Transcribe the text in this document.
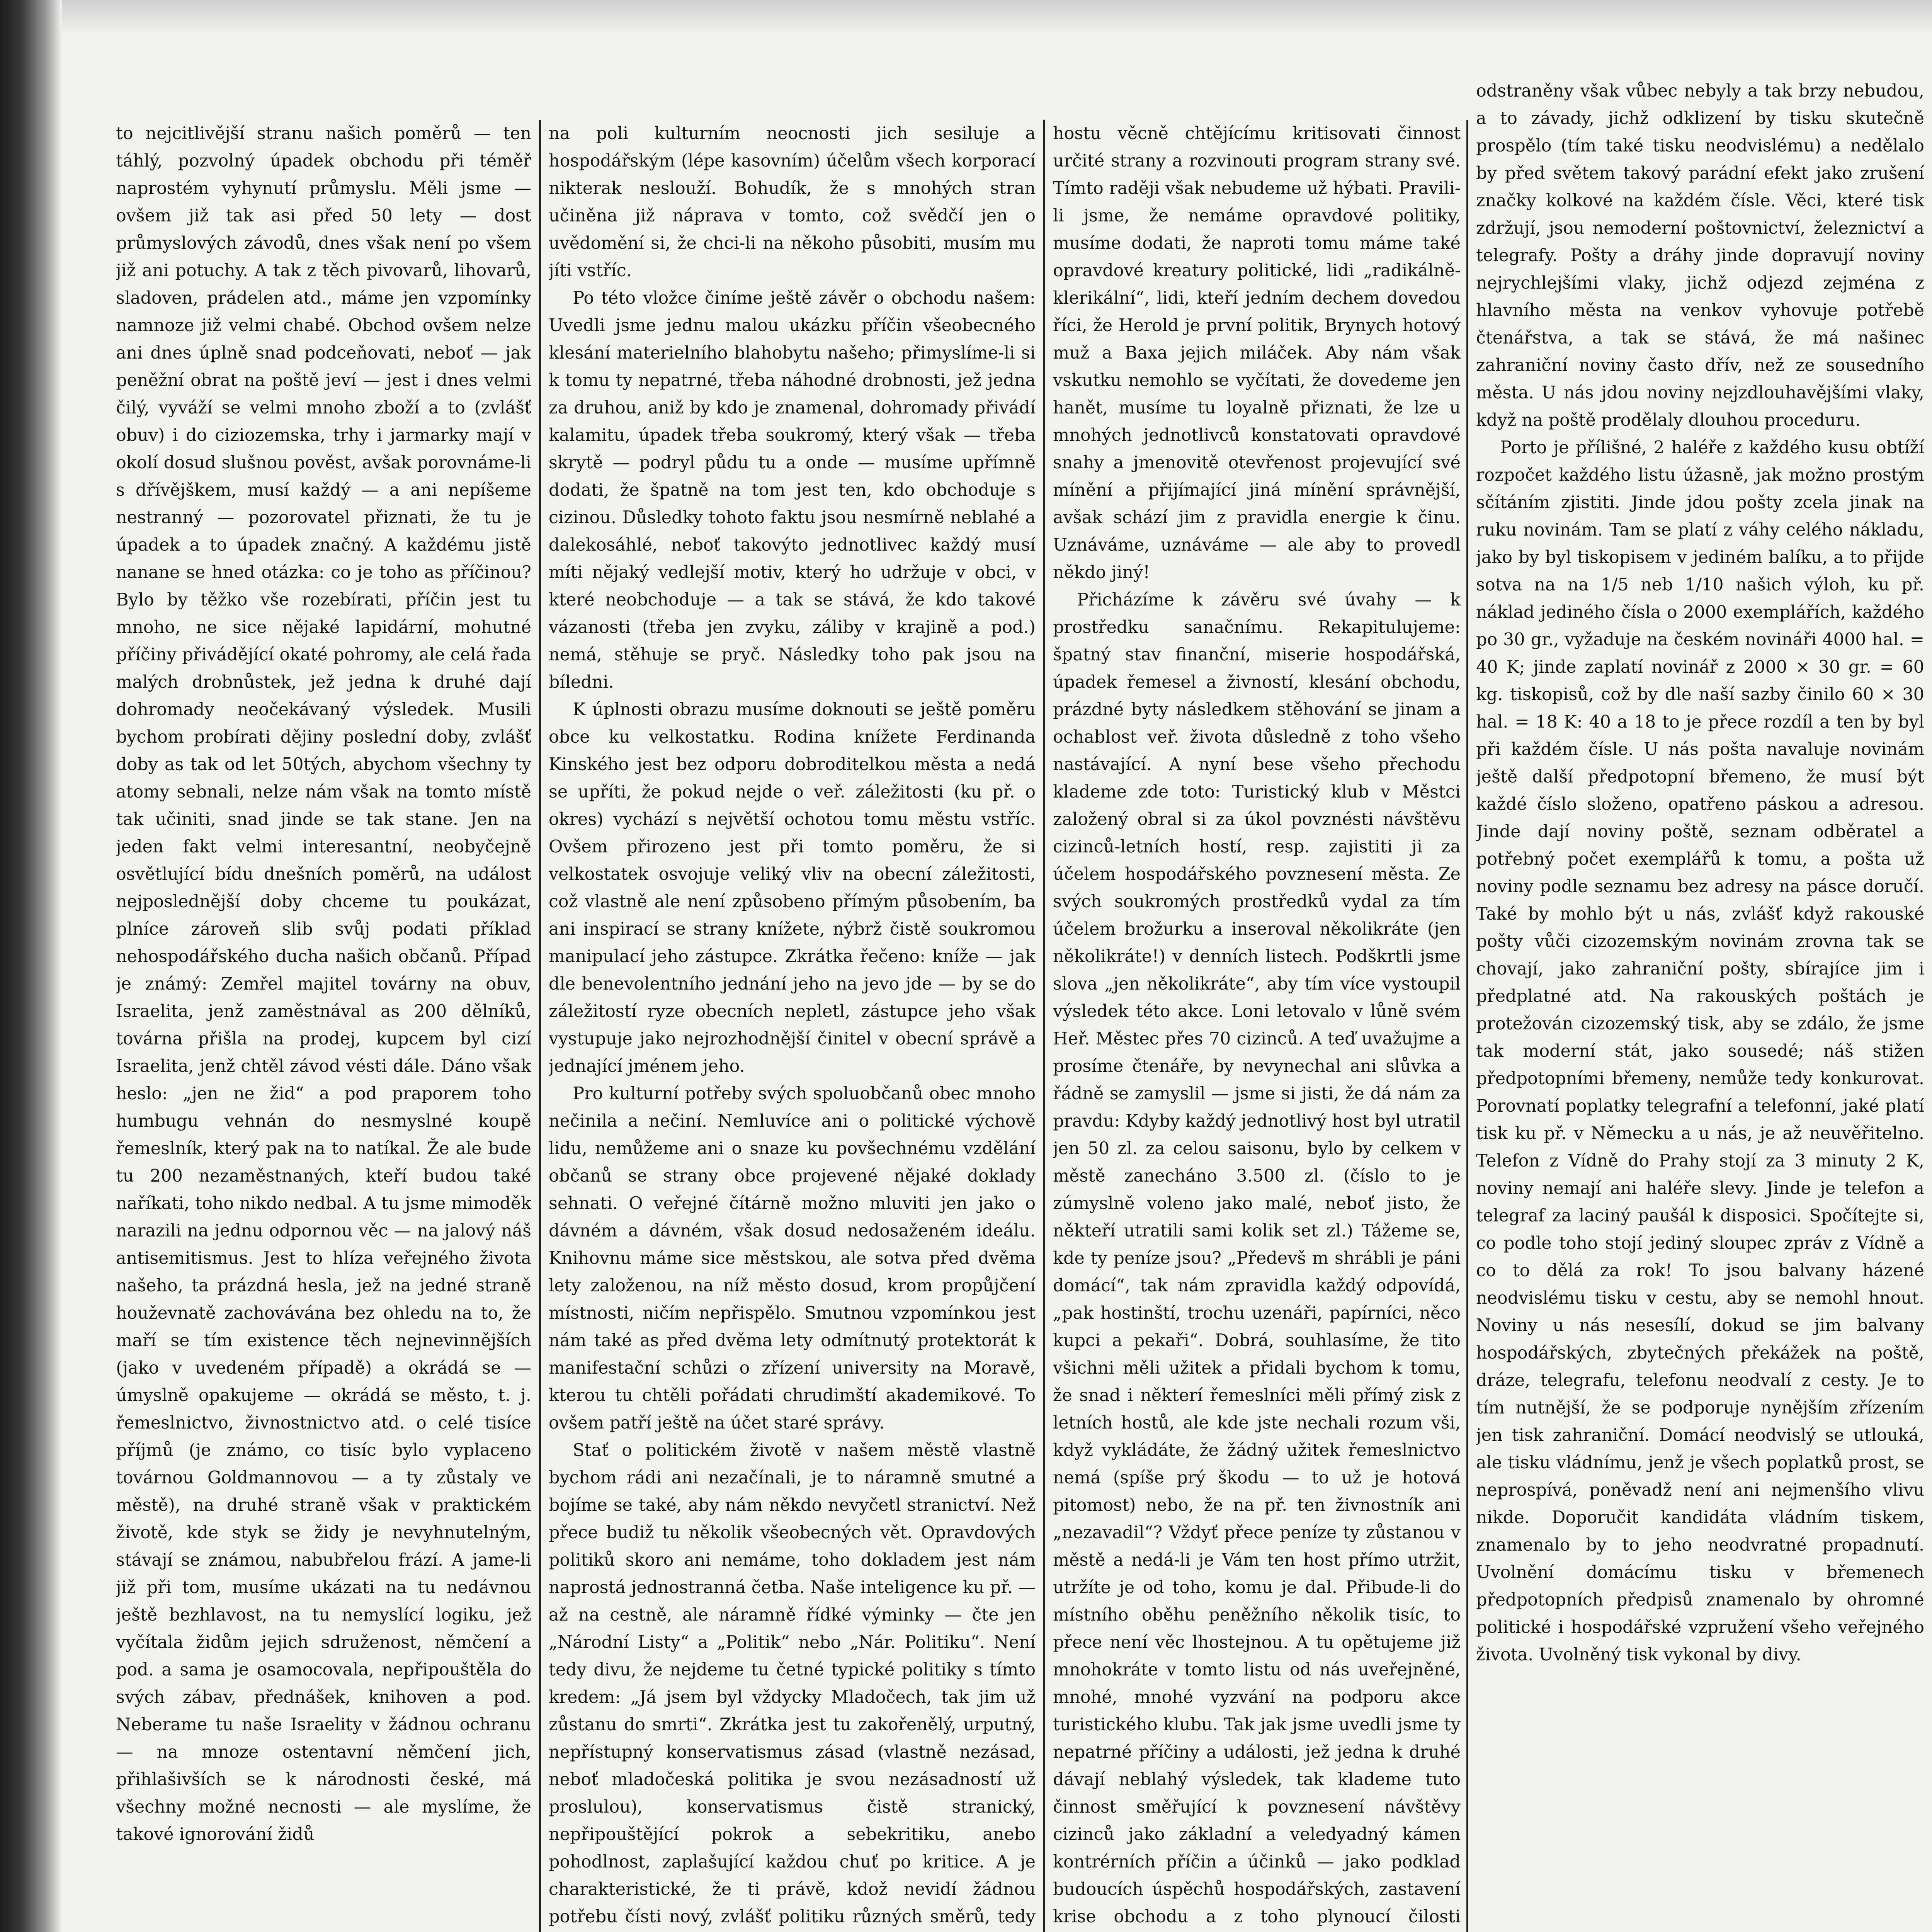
to nejcitlivější stranu našich poměrů — ten táhlý, pozvolný úpadek obchodu při téměř naprostém vyhynutí průmyslu. Měli jsme — ovšem již tak asi před 50 lety — dost průmyslových závodů, dnes však není po všem již ani potuchy. A tak z těch pivovarů, lihovarů, sladoven, prádelen atd., máme jen vzpomínky namnoze již velmi chabé. Obchod ovšem nelze ani dnes úplně snad podceňovati, neboť — jak peněžní obrat na poště jeví — jest i dnes velmi čilý, vyváží se velmi mnoho zboží a to (zvlášť obuv) i do ciziozemska, trhy i jarmarky mají v okolí dosud slušnou pověst, avšak porovnáme-li s dřívějškem, musí každý — a ani nepíšeme nestranný — pozorovatel přiznati, že tu je úpadek a to úpadek značný. A každému jistě nanane se hned otázka: co je toho as příčinou? Bylo by těžko vše rozebírati, příčin jest tu mnoho, ne sice nějaké lapidární, mohutné příčiny přivádějící okaté pohromy, ale celá řada malých drobnůstek, jež jedna k druhé dají dohromady neočekávaný výsledek. Musili bychom probírati dějiny poslední doby, zvlášť doby as tak od let 50tých, abychom všechny ty atomy sebnali, nelze nám však na tomto místě tak učiniti, snad jinde se tak stane. Jen na jeden fakt velmi interesantní, neobyčejně osvětlující bídu dnešních poměrů, na událost nejposlednější doby chceme tu poukázat, plníce zároveň slib svůj podati příklad nehospodářského ducha našich občanů. Případ je známý: Zemřel majitel továrny na obuv, Israelita, jenž zaměstnával as 200 dělníků, továrna přišla na prodej, kupcem byl cizí Israelita, jenž chtěl závod vésti dále. Dáno však heslo: „jen ne žid“ a pod praporem toho humbugu vehnán do nesmyslné koupě řemeslník, který pak na to natíkal. Že ale bude tu 200 nezaměstnaných, kteří budou také naříkati, toho nikdo nedbal. A tu jsme mimoděk narazili na jednu odpornou věc — na jalový náš antisemitismus. Jest to hlíza veřejného života našeho, ta prázdná hesla, jež na jedné straně houževnatě zachovávána bez ohledu na to, že maří se tím existence těch nejnevinnějších (jako v uvedeném případě) a okrádá se — úmyslně opakujeme — okrádá se město, t. j. řemeslnictvo, živnostnictvo atd. o celé tisíce příjmů (je známo, co tisíc bylo vyplaceno továrnou Goldmannovou — a ty zůstaly ve městě), na druhé straně však v praktickém životě, kde styk se židy je nevyhnutelným, stávají se známou, nabubřelou frází. A jame-li již při tom, musíme ukázati na tu nedávnou ještě bezhlavost, na tu nemyslící logiku, jež vyčítala židům jejich sdruženost, němčení a pod. a sama je osamocovala, nepřipouštěla do svých zábav, přednášek, knihoven a pod. Neberame tu naše Israelity v žádnou ochranu — na mnoze ostentavní němčení jich, přihlašivších se k národnosti české, má všechny možné necnosti — ale myslíme, že takové ignorování židů

na poli kulturním neocnosti jich sesiluje a hospodářským (lépe kasovním) účelům všech korporací nikterak neslouží. Bohudík, že s mnohých stran učiněna již náprava v tomto, což svědčí jen o uvědomění si, že chci-li na někoho působiti, musím mu jíti vstříc.

Po této vložce činíme ještě závěr o obchodu našem: Uvedli jsme jednu malou ukázku příčin všeobecného klesání materielního blahobytu našeho; přimyslíme-li si k tomu ty nepatrné, třeba náhodné drobnosti, jež jedna za druhou, aniž by kdo je znamenal, dohromady přivádí kalamitu, úpadek třeba soukromý, který však — třeba skrytě — podryl půdu tu a onde — musíme upřímně dodati, že špatně na tom jest ten, kdo obchoduje s cizinou. Důsledky tohoto faktu jsou nesmírně neblahé a dalekosáhlé, neboť takovýto jednotlivec každý musí míti nějaký vedlejší motiv, který ho udržuje v obci, v které neobchoduje — a tak se stává, že kdo takové vázanosti (třeba jen zvyku, záliby v krajině a pod.) nemá, stěhuje se pryč. Následky toho pak jsou na bíledni.

K úplnosti obrazu musíme doknouti se ještě poměru obce ku velkostatku. Rodina knížete Ferdinanda Kinského jest bez odporu dobroditelkou města a nedá se upříti, že pokud nejde o veř. záležitosti (ku př. o okres) vychází s největší ochotou tomu městu vstříc. Ovšem přirozeno jest při tomto poměru, že si velkostatek osvojuje veliký vliv na obecní záležitosti, což vlastně ale není způsobeno přímým působením, ba ani inspirací se strany knížete, nýbrž čistě soukromou manipulací jeho zástupce. Zkrátka řečeno: kníže — jak dle benevolentního jednání jeho na jevo jde — by se do záležitostí ryze obecních nepletl, zástupce jeho však vystupuje jako nejrozhodnější činitel v obecní správě a jednající jménem jeho.

Pro kulturní potřeby svých spoluobčanů obec mnoho nečinila a nečiní. Nemluvíce ani o politické výchově lidu, nemůžeme ani o snaze ku povšechnému vzdělání občanů se strany obce projevené nějaké doklady sehnati. O veřejné čítárně možno mluviti jen jako o dávném a dávném, však dosud nedosaženém ideálu. Knihovnu máme sice městskou, ale sotva před dvěma lety založenou, na níž město dosud, krom propůjčení místnosti, ničím nepřispělo. Smutnou vzpomínkou jest nám také as před dvěma lety odmítnutý protektorát k manifestační schůzi o zřízení university na Moravě, kterou tu chtěli pořádati chrudimští akademikové. To ovšem patří ještě na účet staré správy.

Stať o politickém životě v našem městě vlastně bychom rádi ani nezačínali, je to náramně smutné a bojíme se také, aby nám někdo nevyčetl stranictví. Než přece budiž tu několik všeobecných vět. Opravdových politiků skoro ani nemáme, toho dokladem jest nám naprostá jednostranná četba. Naše inteligence ku př. — až na cestně, ale náramně řídké výminky — čte jen „Národní Listy“ a „Politik“ nebo „Nár. Politiku“. Není tedy divu, že nejdeme tu četné typické politiky s tímto kredem: „Já jsem byl vždycky Mladočech, tak jim už zůstanu do smrti“. Zkrátka jest tu zakořenělý, urputný, nepřístupný konservatismus zásad (vlastně nezásad, neboť mladočeská politika je svou nezásadností už proslulou), konservatismus čistě stranický, nepřipouštějící pokrok a sebekritiku, anebo pohodlnost, zaplašující každou chuť po kritice. A je charakteristické, že ti právě, kdož nevidí žádnou potřebu čísti nový, zvlášť politiku různých směrů, tedy

hostu věcně chtějícímu kritisovati činnost určité strany a rozvinouti program strany své. Tímto raději však nebudeme už hýbati. Pravili-li jsme, že nemáme opravdové politiky, musíme dodati, že naproti tomu máme také opravdové kreatury politické, lidi „radikálně-klerikální“, lidi, kteří jedním dechem dovedou říci, že Herold je první politik, Brynych hotový muž a Baxa jejich miláček. Aby nám však vskutku nemohlo se vyčítati, že dovedeme jen hanět, musíme tu loyalně přiznati, že lze u mnohých jednotlivců konstatovati opravdové snahy a jmenovitě otevřenost projevující své mínění a přijímající jiná mínění správnější, avšak schází jim z pravidla energie k činu. Uznáváme, uznáváme — ale aby to provedl někdo jiný!

Přicházíme k závěru své úvahy — k prostředku sanačnímu. Rekapitulujeme: špatný stav finanční, miserie hospodářská, úpadek řemesel a živností, klesání obchodu, prázdné byty následkem stěhování se jinam a ochablost veř. života důsledně z toho všeho nastávající. A nyní bese všeho přechodu klademe zde toto: Turistický klub v Městci založený obral si za úkol povznésti návštěvu cizinců-letních hostí, resp. zajistiti ji za účelem hospodářského povznesení města. Ze svých soukromých prostředků vydal za tím účelem brožurku a inseroval několikráte (jen několikráte!) v denních listech. Podškrtli jsme slova „jen několikráte“, aby tím více vystoupil výsledek této akce. Loni letovalo v lůně svém Heř. Městec přes 70 cizinců. A teď uvažujme a prosíme čtenáře, by nevynechal ani slůvka a řádně se zamyslil — jsme si jisti, že dá nám za pravdu: Kdyby každý jednotlivý host byl utratil jen 50 zl. za celou saisonu, bylo by celkem v městě zanecháno 3.500 zl. (číslo to je zúmyslně voleno jako malé, neboť jisto, že někteří utratili sami kolik set zl.) Tážeme se, kde ty peníze jsou? „Předevš m shrábli je páni domácí“, tak nám zpravidla každý odpovídá, „pak hostinští, trochu uzenáři, papírníci, něco kupci a pekaři“. Dobrá, souhlasíme, že tito všichni měli užitek a přidali bychom k tomu, že snad i některí řemeslníci měli přímý zisk z letních hostů, ale kde jste nechali rozum vši, když vykládáte, že žádný užitek řemeslnictvo nemá (spíše prý škodu — to už je hotová pitomost) nebo, že na př. ten živnostník ani „nezavadil“? Vždyť přece peníze ty zůstanou v městě a nedá-li je Vám ten host přímo utržit, utržíte je od toho, komu je dal. Přibude-li do místního oběhu peněžního několik tisíc, to přece není věc lhostejnou. A tu opětujeme již mnohokráte v tomto listu od nás uveřejněné, mnohé, mnohé vyzvání na podporu akce turistického klubu. Tak jak jsme uvedli jsme ty nepatrné příčiny a události, jež jedna k druhé dávají neblahý výsledek, tak klademe tuto činnost směřující k povznesení návštěvy cizinců jako základní a veledyadný kámen kontrérních příčin a účinků — jako podklad budoucích úspěchů hospodářských, zastavení krise obchodu a z toho plynoucí čilosti

odstraněny však vůbec nebyly a tak brzy nebudou, a to závady, jichž odklizení by tisku skutečně prospělo (tím také tisku neodvislému) a nedělalo by před světem takový parádní efekt jako zrušení značky kolkové na každém čísle. Věci, které tisk zdržují, jsou nemoderní poštovnictví, železnictví a telegrafy. Pošty a dráhy jinde dopravují noviny nejrychlejšími vlaky, jichž odjezd zejména z hlavního města na venkov vyhovuje potřebě čtenářstva, a tak se stává, že má našinec zahraniční noviny často dřív, než ze sousedního města. U nás jdou noviny nejzdlouhavějšími vlaky, když na poště prodělaly dlouhou proceduru.

Porto je přílišné, 2 haléře z každého kusu obtíží rozpočet každého listu úžasně, jak možno prostým sčítáním zjistiti. Jinde jdou pošty zcela jinak na ruku novinám. Tam se platí z váhy celého nákladu, jako by byl tiskopisem v jediném balíku, a to přijde sotva na na 1/5 neb 1/10 našich výloh, ku př. náklad jediného čísla o 2000 exemplářích, každého po 30 gr., vyžaduje na českém novináři 4000 hal. = 40 K; jinde zaplatí novinář z 2000 × 30 gr. = 60 kg. tiskopisů, což by dle naší sazby činilo 60 × 30 hal. = 18 K: 40 a 18 to je přece rozdíl a ten by byl při každém čísle. U nás pošta navaluje novinám ještě další předpotopní břemeno, že musí být každé číslo složeno, opatřeno páskou a adresou. Jinde dají noviny poště, seznam odběratel a potřebný počet exemplářů k tomu, a pošta už noviny podle seznamu bez adresy na pásce doručí. Také by mohlo být u nás, zvlášť když rakouské pošty vůči cizozemským novinám zrovna tak se chovají, jako zahraniční pošty, sbírajíce jim i předplatné atd. Na rakouských poštách je protežován cizozemský tisk, aby se zdálo, že jsme tak moderní stát, jako sousedé; náš stižen předpotopními břemeny, nemůže tedy konkurovat. Porovnatí poplatky telegrafní a telefonní, jaké platí tisk ku př. v Německu a u nás, je až neuvěřitelno. Telefon z Vídně do Prahy stojí za 3 minuty 2 K, noviny nemají ani haléře slevy. Jinde je telefon a telegraf za laciný paušál k disposici. Spočítejte si, co podle toho stojí jediný sloupec zpráv z Vídně a co to dělá za rok! To jsou balvany házené neodvislému tisku v cestu, aby se nemohl hnout. Noviny u nás nesesílí, dokud se jim balvany hospodářských, zbytečných překážek na poště, dráze, telegrafu, telefonu neodvalí z cesty. Je to tím nutnější, že se podporuje nynějším zřízením jen tisk zahraniční. Domácí neodvislý se utlouká, ale tisku vládnímu, jenž je všech poplatků prost, se neprospívá, poněvadž není ani nejmenšího vlivu nikde. Doporučit kandidáta vládním tiskem, znamenalo by to jeho neodvratné propadnutí. Uvolnění domácímu tisku v břemenech předpotopních předpisů znamenalo by ohromné politické i hospodářské vzpružení všeho veřejného života. Uvolněný tisk vykonal by divy.
